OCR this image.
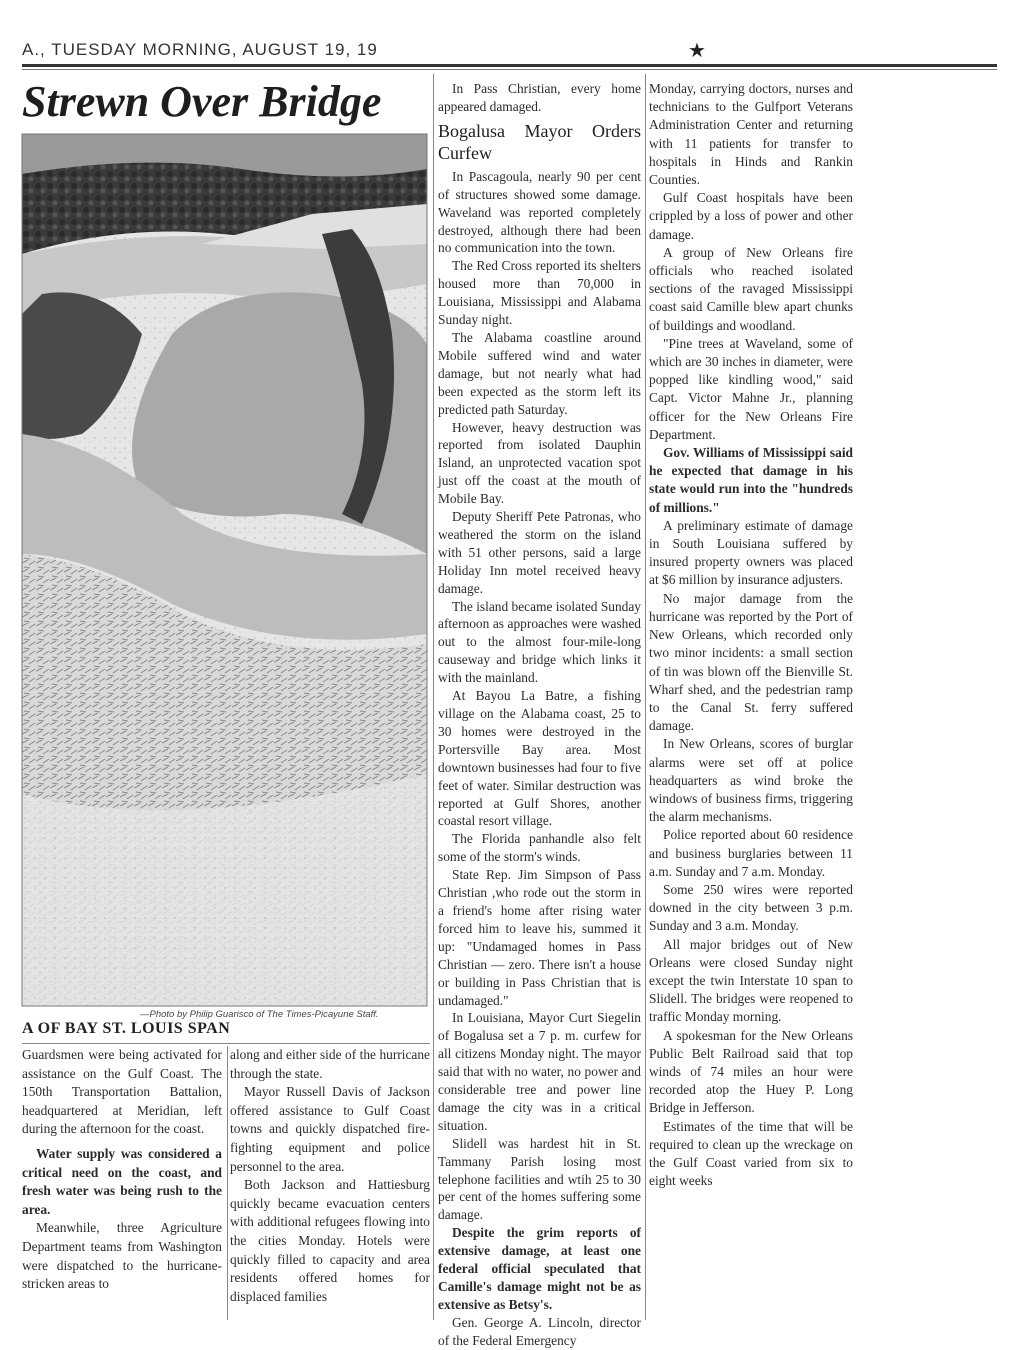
A., TUESDAY MORNING, AUGUST 19, 19	★
Strewn Over Bridge
—Photo by Philip Guarisco of The Times-Picayune Staff.
A OF BAY ST. LOUIS SPAN

Guardsmen were being activated for assistance on the Gulf Coast. The 150th Transportation Battalion, headquartered at Meridian, left during the afternoon for the coast.

Water supply was considered a critical need on the coast, and fresh water was being rush to the area.

Meanwhile, three Agriculture Department teams from Washington were dispatched to the hurricane-stricken areas to

along and either side of the hurricane through the state.

Mayor Russell Davis of Jackson offered assistance to Gulf Coast towns and quickly dispatched fire-fighting equipment and police personnel to the area.

Both Jackson and Hattiesburg quickly became evacuation centers with additional refugees flowing into the cities Monday. Hotels were quickly filled to capacity and area residents offered homes for displaced families

In Pass Christian, every home appeared damaged.

Bogalusa Mayor Orders Curfew

In Pascagoula, nearly 90 per cent of structures showed some damage. Waveland was reported completely destroyed, although there had been no communication into the town.

The Red Cross reported its shelters housed more than 70,000 in Louisiana, Mississippi and Alabama Sunday night.

The Alabama coastline around Mobile suffered wind and water damage, but not nearly what had been expected as the storm left its predicted path Saturday.

However, heavy destruction was reported from isolated Dauphin Island, an unprotected vacation spot just off the coast at the mouth of Mobile Bay.

Deputy Sheriff Pete Patronas, who weathered the storm on the island with 51 other persons, said a large Holiday Inn motel received heavy damage.

The island became isolated Sunday afternoon as approaches were washed out to the almost four-mile-long causeway and bridge which links it with the mainland.

At Bayou La Batre, a fishing village on the Alabama coast, 25 to 30 homes were destroyed in the Portersville Bay area. Most downtown businesses had four to five feet of water. Similar destruction was reported at Gulf Shores, another coastal resort village.

The Florida panhandle also felt some of the storm's winds.

State Rep. Jim Simpson of Pass Christian ,who rode out the storm in a friend's home after rising water forced him to leave his, summed it up: "Undamaged homes in Pass Christian — zero. There isn't a house or building in Pass Christian that is undamaged."

In Louisiana, Mayor Curt Siegelin of Bogalusa set a 7 p. m. curfew for all citizens Monday night. The mayor said that with no water, no power and considerable tree and power line damage the city was in a critical situation.

Slidell was hardest hit in St. Tammany Parish losing most telephone facilities and wtih 25 to 30 per cent of the homes suffering some damage.

Despite the grim reports of extensive damage, at least one federal official speculated that Camille's damage might not be as extensive as Betsy's.

Gen. George A. Lincoln, director of the Federal Emergency

Monday, carrying doctors, nurses and technicians to the Gulfport Veterans Administration Center and returning with 11 patients for transfer to hospitals in Hinds and Rankin Counties.

Gulf Coast hospitals have been crippled by a loss of power and other damage.

A group of New Orleans fire officials who reached isolated sections of the ravaged Mississippi coast said Camille blew apart chunks of buildings and woodland.

"Pine trees at Waveland, some of which are 30 inches in diameter, were popped like kindling wood," said Capt. Victor Mahne Jr., planning officer for the New Orleans Fire Department.

Gov. Williams of Mississippi said he expected that damage in his state would run into the "hundreds of millions."

A preliminary estimate of damage in South Louisiana suffered by insured property owners was placed at $6 million by insurance adjusters.

No major damage from the hurricane was reported by the Port of New Orleans, which recorded only two minor incidents: a small section of tin was blown off the Bienville St. Wharf shed, and the pedestrian ramp to the Canal St. ferry suffered damage.

In New Orleans, scores of burglar alarms were set off at police headquarters as wind broke the windows of business firms, triggering the alarm mechanisms.

Police reported about 60 residence and business burglaries between 11 a.m. Sunday and 7 a.m. Monday.

Some 250 wires were reported downed in the city between 3 p.m. Sunday and 3 a.m. Monday.

All major bridges out of New Orleans were closed Sunday night except the twin Interstate 10 span to Slidell. The bridges were reopened to traffic Monday morning.

A spokesman for the New Orleans Public Belt Railroad said that top winds of 74 miles an hour were recorded atop the Huey P. Long Bridge in Jefferson.

Estimates of the time that will be required to clean up the wreckage on the Gulf Coast varied from six to eight weeks
